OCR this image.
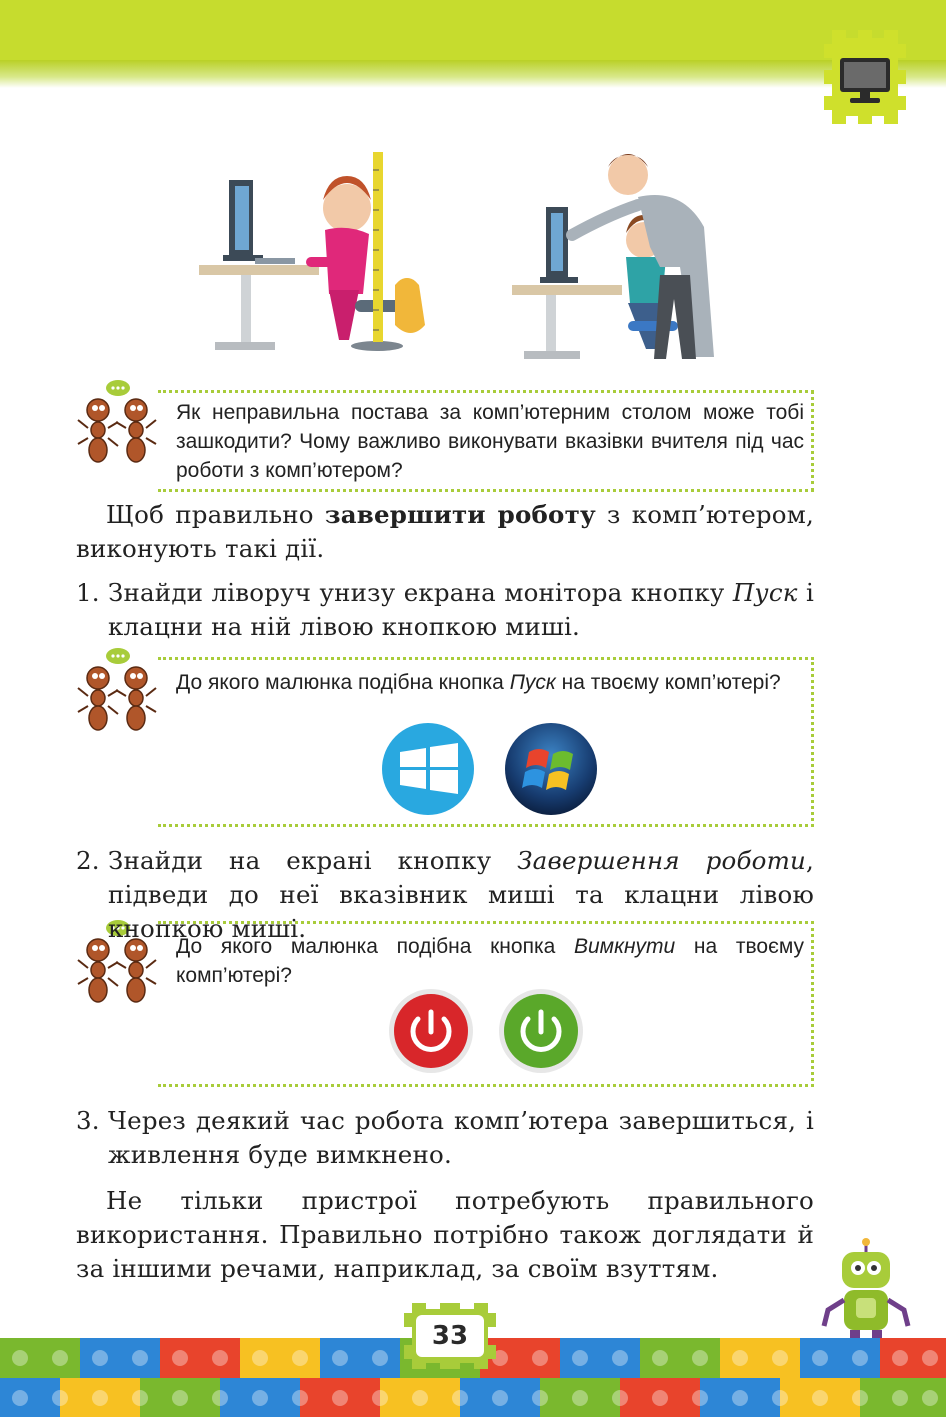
Як неправильна постава за комп’ютерним столом може тобі зашкодити? Чому важливо виконувати вказівки вчителя під час роботи з комп’ютером?
Щоб правильно завершити роботу з комп’ютером, виконують такі дії.
1. Знайди ліворуч унизу екрана монітора кнопку Пуск і клацни на ній лівою кнопкою миші.
До якого малюнка подібна кнопка Пуск на твоєму комп’ютері?
2. Знайди на екрані кнопку Завершення роботи, підведи до неї вказівник миші та клацни лівою кнопкою миші.
До якого малюнка подібна кнопка Вимкнути на твоєму комп’ютері?
3. Через деякий час робота комп’ютера завершиться, і живлення буде вимкнено.
Не тільки пристрої потребують правильного використання. Правильно потрібно також доглядати й за іншими речами, наприклад, за своїм взуттям.
33
